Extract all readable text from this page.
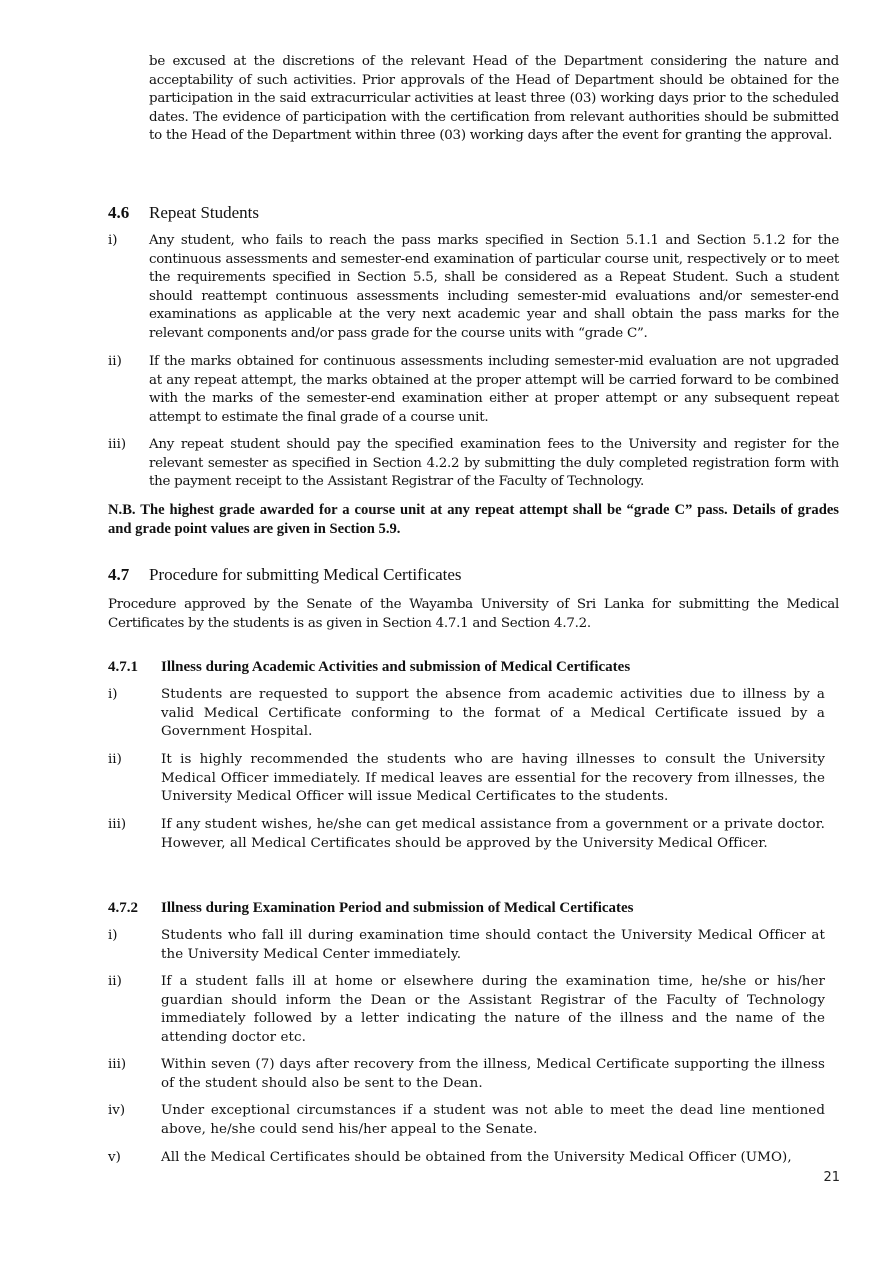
be excused at the discretions of the relevant Head of the Department considering the nature and acceptability of such activities. Prior approvals of the Head of Department should be obtained for the participation in the said extracurricular activities at least three (03) working days prior to the scheduled dates. The evidence of participation with the certification from relevant authorities should be submitted to the Head of the Department within three (03) working days after the event for granting the approval.

4.6 Repeat Students
i) Any student, who fails to reach the pass marks specified in Section 5.1.1 and Section 5.1.2 for the continuous assessments and semester-end examination of particular course unit, respectively or to meet the requirements specified in Section 5.5, shall be considered as a Repeat Student. Such a student should reattempt continuous assessments including semester-mid evaluations and/or semester-end examinations as applicable at the very next academic year and shall obtain the pass marks for the relevant components and/or pass grade for the course units with “grade C”.

ii) If the marks obtained for continuous assessments including semester-mid evaluation are not upgraded at any repeat attempt, the marks obtained at the proper attempt will be carried forward to be combined with the marks of the semester-end examination either at proper attempt or any subsequent repeat attempt to estimate the final grade of a course unit.

iii) Any repeat student should pay the specified examination fees to the University and register for the relevant semester as specified in Section 4.2.2 by submitting the duly completed registration form with the payment receipt to the Assistant Registrar of the Faculty of Technology.

N.B. The highest grade awarded for a course unit at any repeat attempt shall be “grade C” pass. Details of grades and grade point values are given in Section 5.9.

4.7 Procedure for submitting Medical Certificates

Procedure approved by the Senate of the Wayamba University of Sri Lanka for submitting the Medical Certificates by the students is as given in Section 4.7.1 and Section 4.7.2.

4.7.1 Illness during Academic Activities and submission of Medical Certificates
i)	Students are requested to support the absence from academic activities due to illness by a valid Medical Certificate conforming to the format of a Medical Certificate issued by a Government Hospital.

ii)	It is highly recommended the students who are having illnesses to consult the University Medical Officer immediately. If medical leaves are essential for the recovery from illnesses, the University Medical Officer will issue Medical Certificates to the students.

iii)	If any student wishes, he/she can get medical assistance from a government or a private doctor. However, all Medical Certificates should be approved by the University Medical Officer.

4.7.2 Illness during Examination Period and submission of Medical Certificates
i)	Students who fall ill during examination time should contact the University Medical Officer at the University Medical Center immediately.

ii)	If a student falls ill at home or elsewhere during the examination time, he/she or his/her guardian should inform the Dean or the Assistant Registrar of the Faculty of Technology immediately followed by a letter indicating the nature of the illness and the name of the attending doctor etc.

iii)	Within seven (7) days after recovery from the illness, Medical Certificate supporting the illness of the student should also be sent to the Dean.

iv)	Under exceptional circumstances if a student was not able to meet the dead line mentioned above, he/she could send his/her appeal to the Senate.

v)	All the Medical Certificates should be obtained from the University Medical Officer (UMO),

21
